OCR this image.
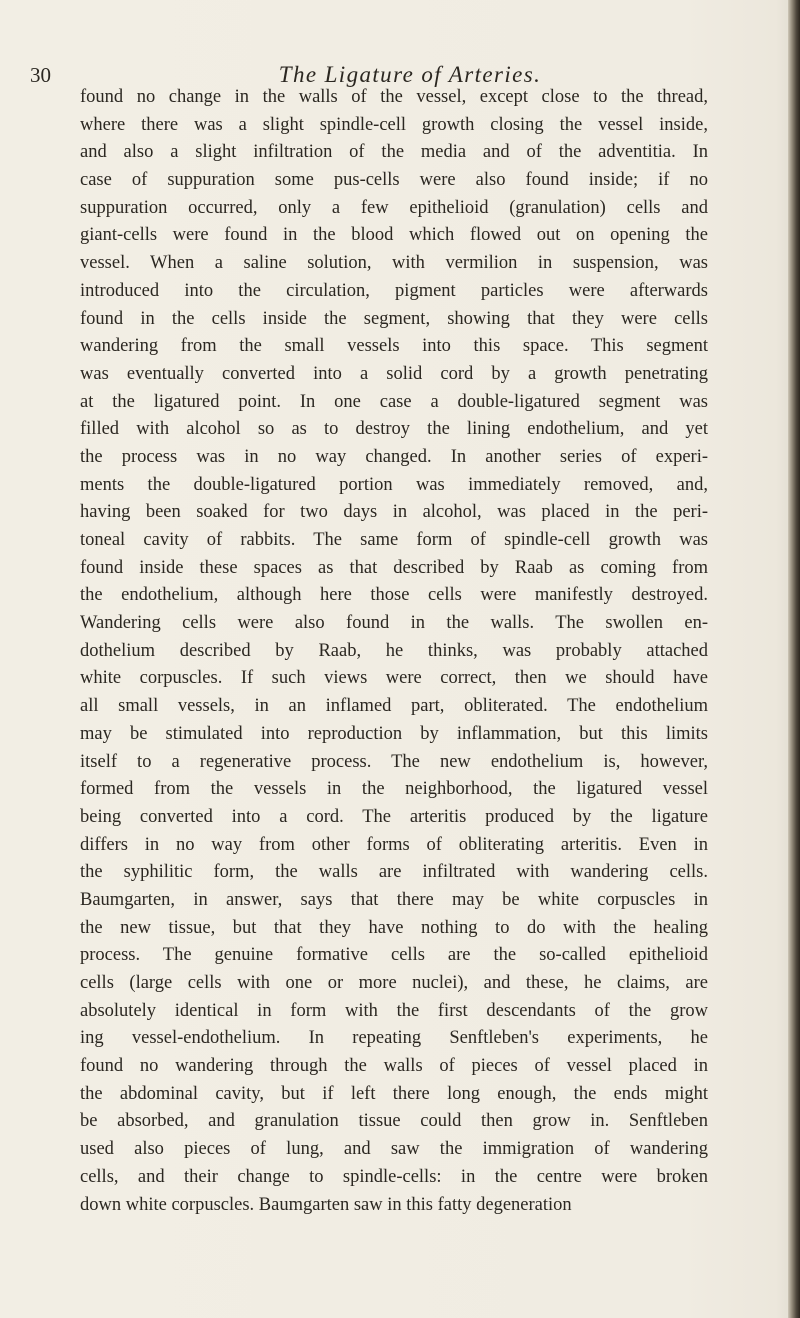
30	The Ligature of Arteries.
found no change in the walls of the vessel, except close to the thread,
where there was a slight spindle-cell growth closing the vessel inside,
and also a slight infiltration of the media and of the adventitia. In
case of suppuration some pus-cells were also found inside; if no
suppuration occurred, only a few epithelioid (granulation) cells and
giant-cells were found in the blood which flowed out on opening the
vessel. When a saline solution, with vermilion in suspension, was
introduced into the circulation, pigment particles were afterwards
found in the cells inside the segment, showing that they were cells
wandering from the small vessels into this space. This segment
was eventually converted into a solid cord by a growth penetrating
at the ligatured point. In one case a double-ligatured segment was
filled with alcohol so as to destroy the lining endothelium, and yet
the process was in no way changed. In another series of experi-
ments the double-ligatured portion was immediately removed, and,
having been soaked for two days in alcohol, was placed in the peri-
toneal cavity of rabbits. The same form of spindle-cell growth was
found inside these spaces as that described by Raab as coming from
the endothelium, although here those cells were manifestly destroyed.
Wandering cells were also found in the walls. The swollen en-
dothelium described by Raab, he thinks, was probably attached
white corpuscles. If such views were correct, then we should have
all small vessels, in an inflamed part, obliterated. The endothelium
may be stimulated into reproduction by inflammation, but this limits
itself to a regenerative process. The new endothelium is, however,
formed from the vessels in the neighborhood, the ligatured vessel
being converted into a cord. The arteritis produced by the ligature
differs in no way from other forms of obliterating arteritis. Even in
the syphilitic form, the walls are infiltrated with wandering cells.
Baumgarten, in answer, says that there may be white corpuscles in
the new tissue, but that they have nothing to do with the healing
process. The genuine formative cells are the so-called epithelioid
cells (large cells with one or more nuclei), and these, he claims, are
absolutely identical in form with the first descendants of the grow
ing vessel-endothelium. In repeating Senftleben's experiments, he
found no wandering through the walls of pieces of vessel placed in
the abdominal cavity, but if left there long enough, the ends might
be absorbed, and granulation tissue could then grow in. Senftleben
used also pieces of lung, and saw the immigration of wandering
cells, and their change to spindle-cells: in the centre were broken
down white corpuscles. Baumgarten saw in this fatty degeneration
